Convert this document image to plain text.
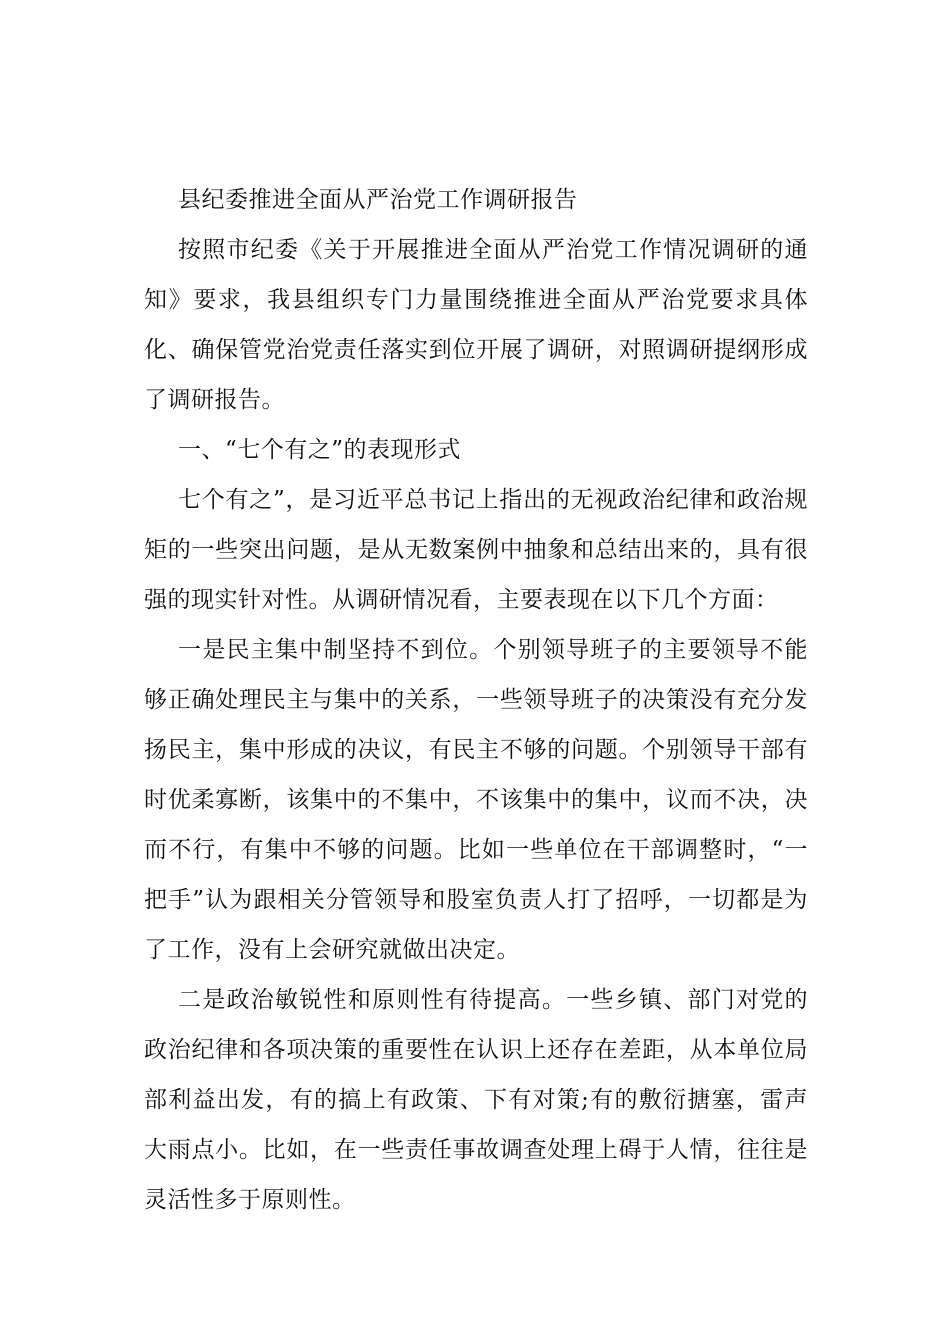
县纪委推进全面从严治党工作调研报告

按照市纪委《关于开展推进全面从严治党工作情况调研的通知》要求，我县组织专门力量围绕推进全面从严治党要求具体化、确保管党治党责任落实到位开展了调研，对照调研提纲形成了调研报告。

一、“七个有之”的表现形式

七个有之”，是习近平总书记上指出的无视政治纪律和政治规矩的一些突出问题，是从无数案例中抽象和总结出来的，具有很强的现实针对性。从调研情况看，主要表现在以下几个方面：

一是民主集中制坚持不到位。个别领导班子的主要领导不能够正确处理民主与集中的关系，一些领导班子的决策没有充分发扬民主，集中形成的决议，有民主不够的问题。个别领导干部有时优柔寡断，该集中的不集中，不该集中的集中，议而不决，决而不行，有集中不够的问题。比如一些单位在干部调整时，“一把手”认为跟相关分管领导和股室负责人打了招呼，一切都是为了工作，没有上会研究就做出决定。

二是政治敏锐性和原则性有待提高。一些乡镇、部门对党的政治纪律和各项决策的重要性在认识上还存在差距，从本单位局部利益出发，有的搞上有政策、下有对策;有的敷衍搪塞，雷声大雨点小。比如，在一些责任事故调查处理上碍于人情，往往是灵活性多于原则性。
